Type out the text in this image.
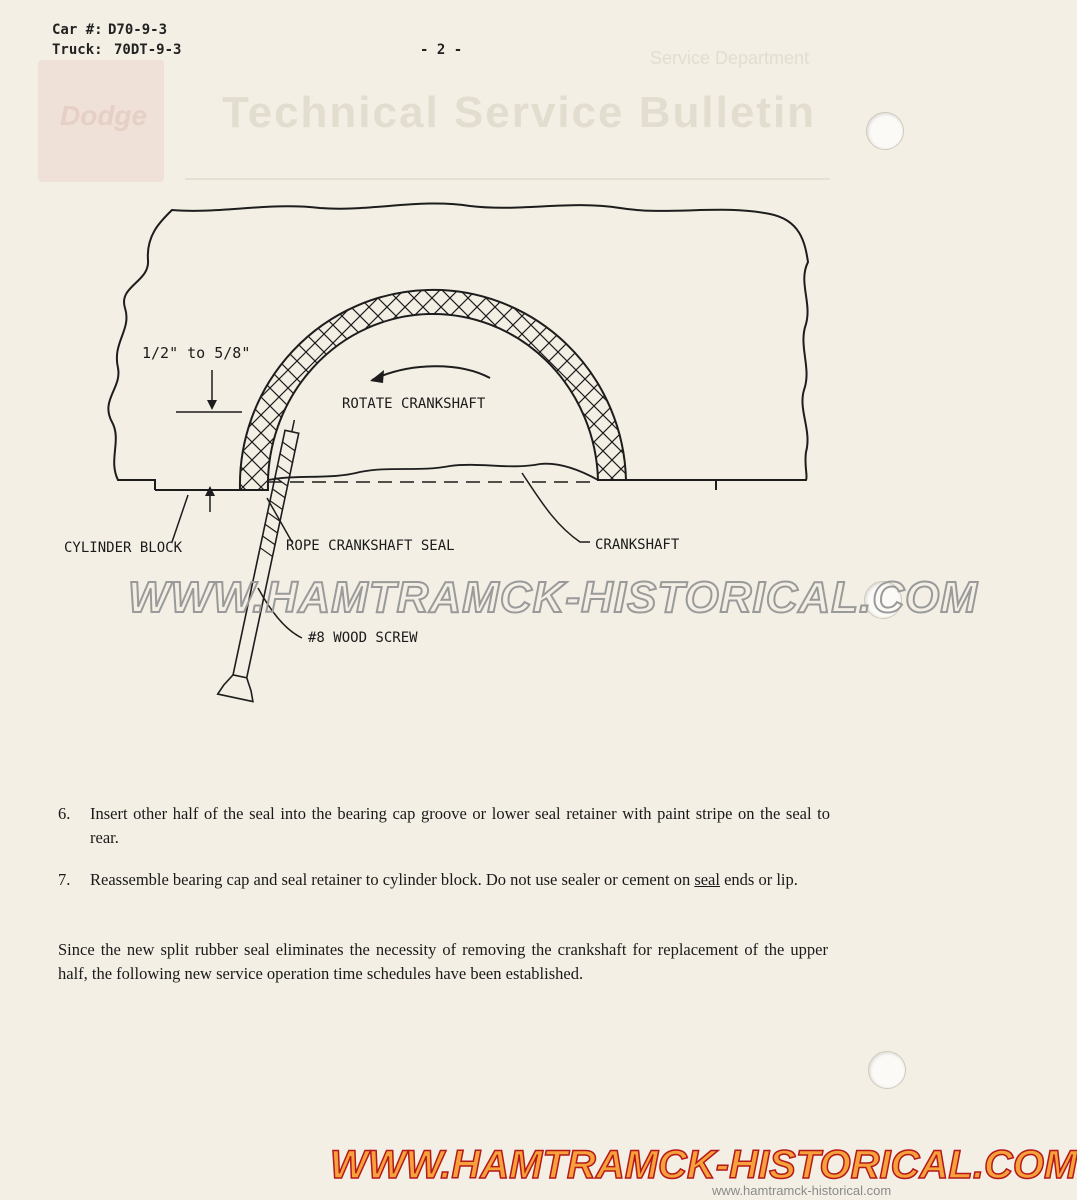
Service Department
Technical Service Bulletin
Dodge
Car #: D70-9-3
Truck: 70DT-9-3	- 2 -
1/2" to 5/8"
ROTATE CRANKSHAFT
CYLINDER BLOCK	ROPE CRANKSHAFT SEAL	CRANKSHAFT
#8 WOOD SCREW
WWW.HAMTRAMCK-HISTORICAL.COM
6. Insert other half of the seal into the bearing cap groove or lower seal retainer with paint stripe on the seal to rear.
7. Reassemble bearing cap and seal retainer to cylinder block. Do not use sealer or cement on seal ends or lip.
Since the new split rubber seal eliminates the necessity of removing the crankshaft for replacement of the upper half, the following new service operation time schedules have been established.
WWW.HAMTRAMCK-HISTORICAL.COM
www.hamtramck-historical.com
